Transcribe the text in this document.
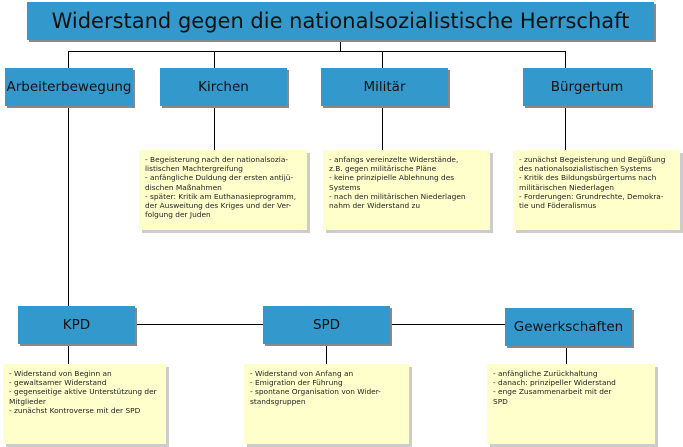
Widerstand gegen die nationalsozialistische Herrschaft
Arbeiterbewegung	Kirchen	Militär	Bürgertum
- Begeisterung nach der nationalsozia-
listischen Machtergreifung
- anfängliche Duldung der ersten antijü-
dischen Maßnahmen
- später: Kritik am Euthanasieprogramm,
der Ausweitung des Kriges und der Ver-
folgung der Juden
- anfangs vereinzelte Widerstände,
z.B. gegen militärische Pläne
- keine prinzipielle Ablehnung des
Systems
- nach den militärischen Niederlagen
nahm der Widerstand zu
- zunächst Begeisterung und Begüßung
des nationalsozialistischen Systems
- Kritik des Bildungsbürgertums nach
militärischen Niederlagen
- Forderungen: Grundrechte, Demokra-
tie und Föderalismus
KPD	SPD	Gewerkschaften
- Widerstand von Beginn an
- gewaltsamer Widerstand
- gegenseitige aktive Unterstützung der
Mitglieder
- zunächst Kontroverse mit der SPD
- Widerstand von Anfang an
- Emigration der Führung
- spontane Organisation von Wider-
standsgruppen
- anfängliche Zurückhaltung
- danach: prinzipeller Widerstand
- enge Zusammenarbeit mit der
SPD
